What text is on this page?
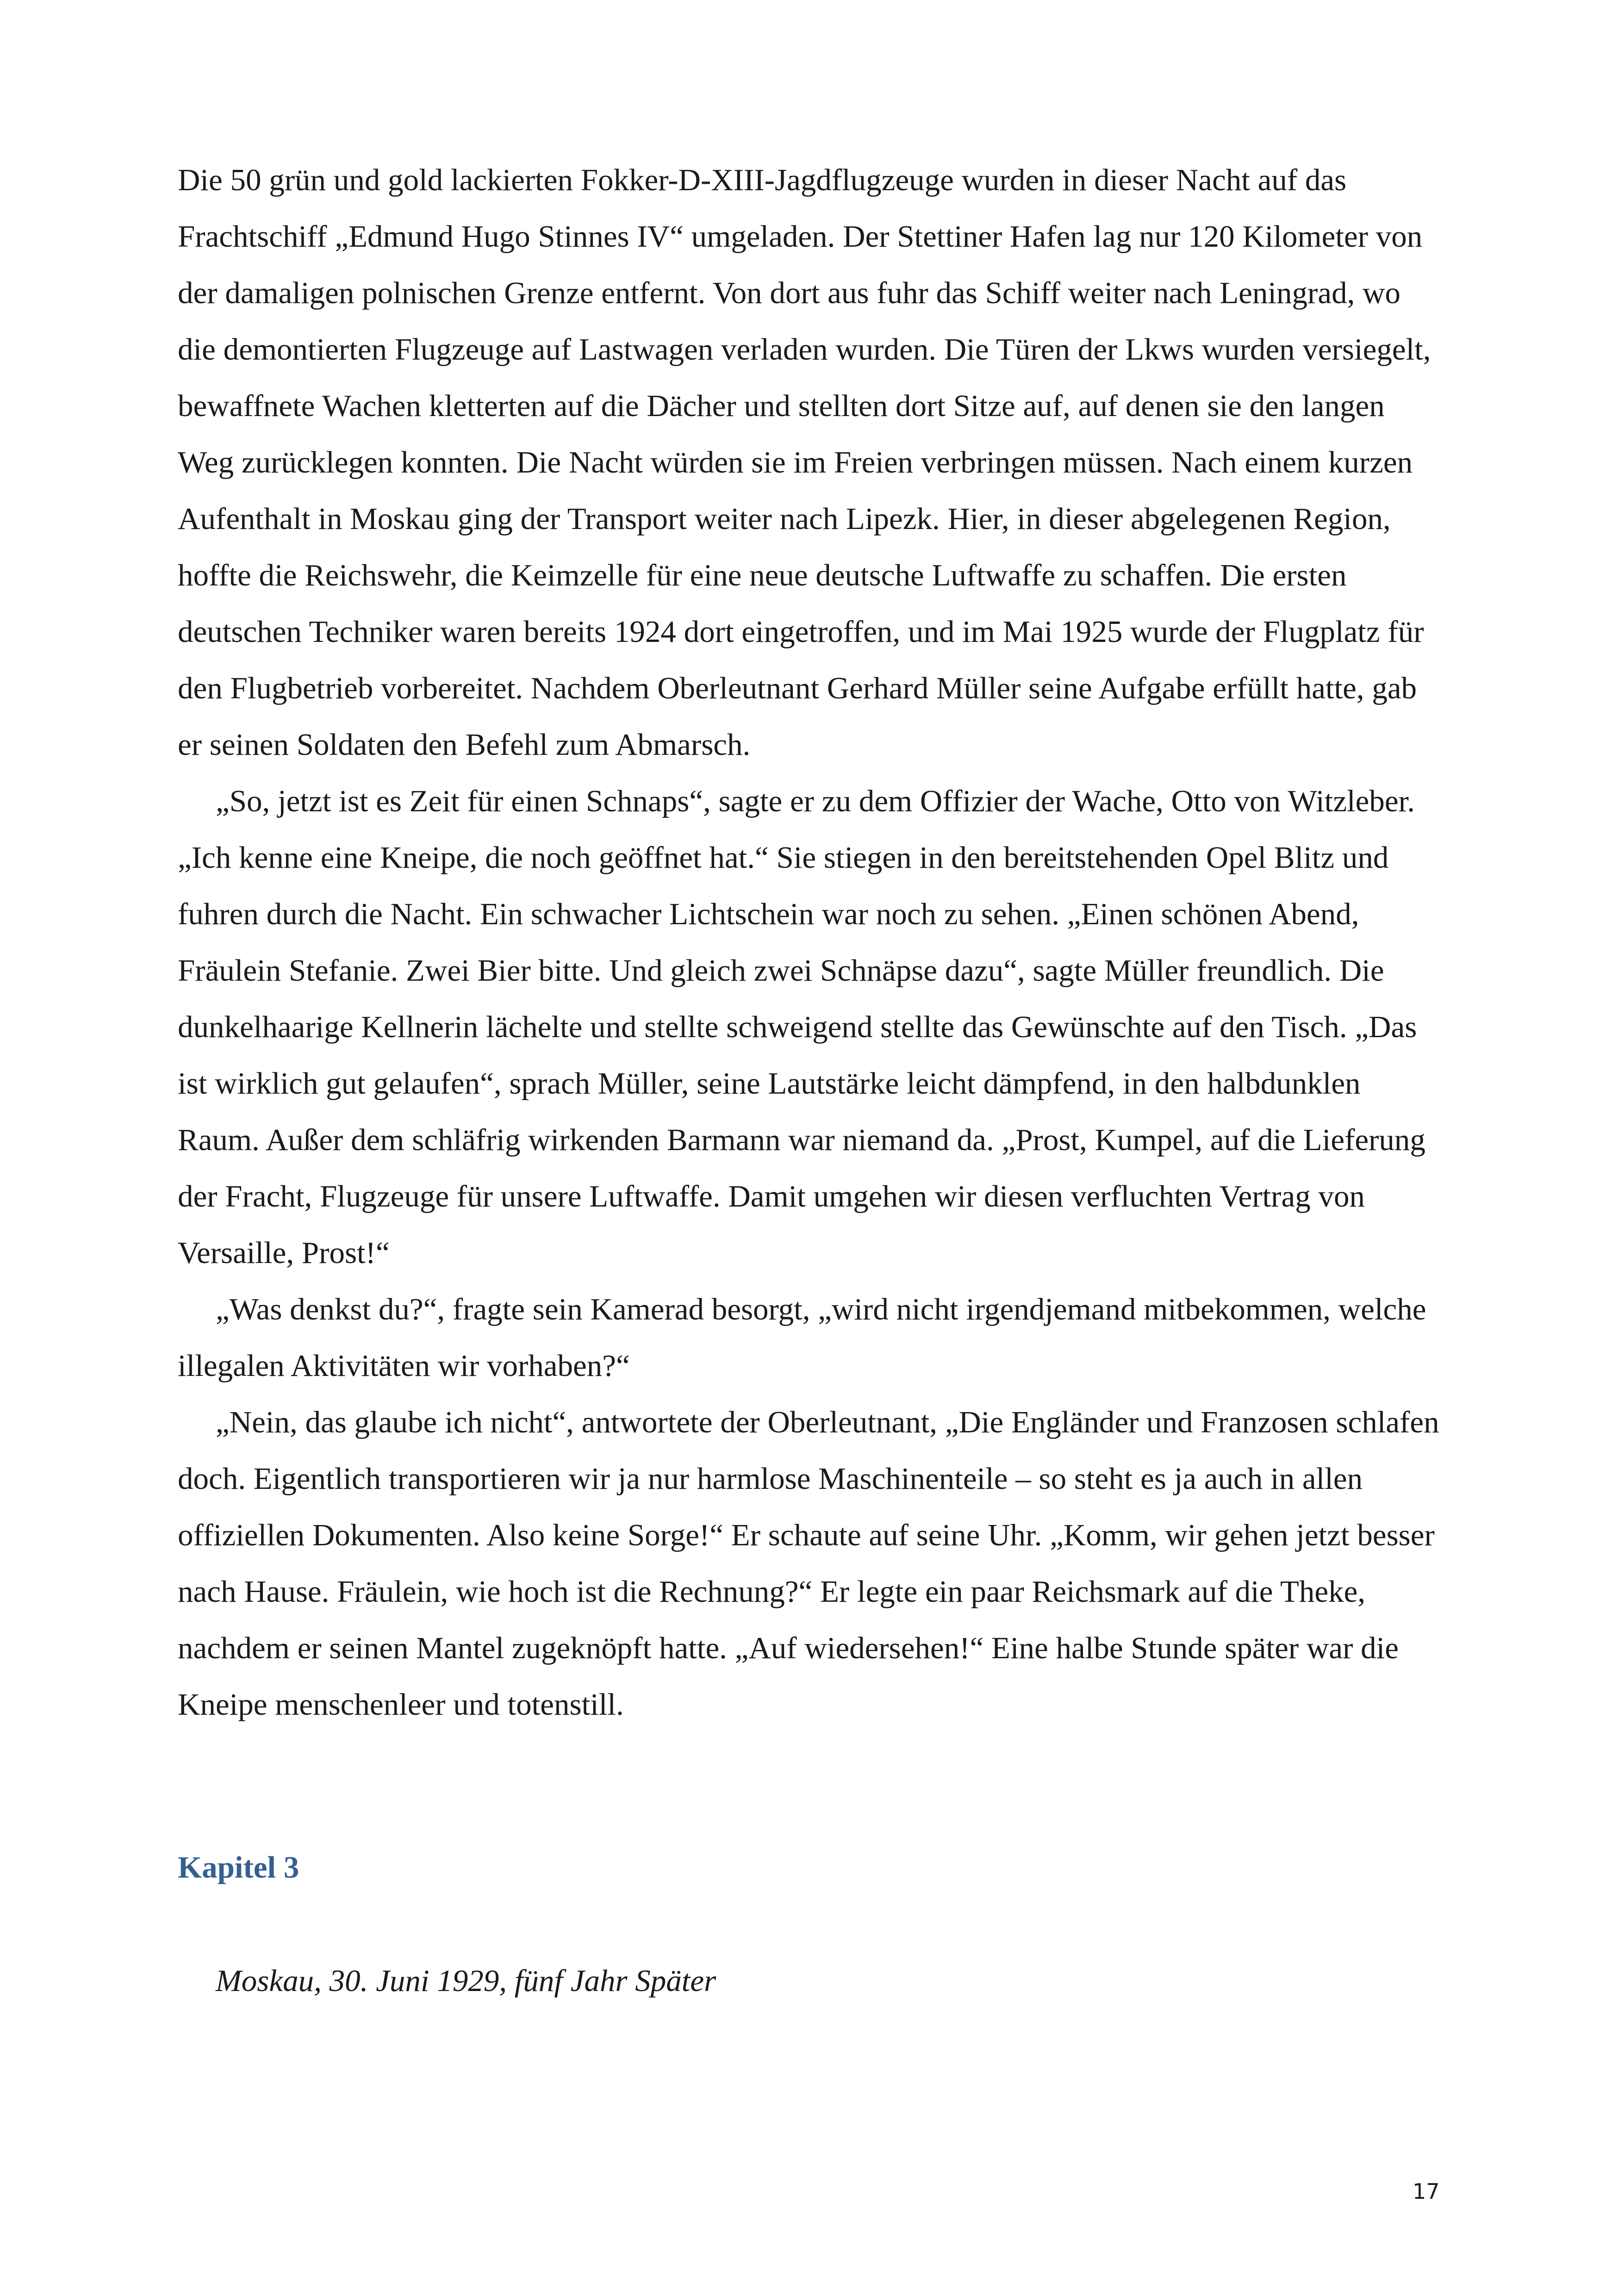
Die 50 grün und gold lackierten Fokker-D-XIII-Jagdflugzeuge wurden in dieser Nacht auf das Frachtschiff „Edmund Hugo Stinnes IV“ umgeladen. Der Stettiner Hafen lag nur 120 Kilometer von der damaligen polnischen Grenze entfernt. Von dort aus fuhr das Schiff weiter nach Leningrad, wo die demontierten Flugzeuge auf Lastwagen verladen wurden. Die Türen der Lkws wurden versiegelt, bewaffnete Wachen kletterten auf die Dächer und stellten dort Sitze auf, auf denen sie den langen Weg zurücklegen konnten. Die Nacht würden sie im Freien verbringen müssen. Nach einem kurzen Aufenthalt in Moskau ging der Transport weiter nach Lipezk. Hier, in dieser abgelegenen Region, hoffte die Reichswehr, die Keimzelle für eine neue deutsche Luftwaffe zu schaffen. Die ersten deutschen Techniker waren bereits 1924 dort eingetroffen, und im Mai 1925 wurde der Flugplatz für den Flugbetrieb vorbereitet. Nachdem Oberleutnant Gerhard Müller seine Aufgabe erfüllt hatte, gab er seinen Soldaten den Befehl zum Abmarsch.

„So, jetzt ist es Zeit für einen Schnaps“, sagte er zu dem Offizier der Wache, Otto von Witzleber. „Ich kenne eine Kneipe, die noch geöffnet hat.“ Sie stiegen in den bereitstehenden Opel Blitz und fuhren durch die Nacht. Ein schwacher Lichtschein war noch zu sehen. „Einen schönen Abend, Fräulein Stefanie. Zwei Bier bitte. Und gleich zwei Schnäpse dazu“, sagte Müller freundlich. Die dunkelhaarige Kellnerin lächelte und stellte schweigend stellte das Gewünschte auf den Tisch. „Das ist wirklich gut gelaufen“, sprach Müller, seine Lautstärke leicht dämpfend, in den halbdunklen Raum. Außer dem schläfrig wirkenden Barmann war niemand da. „Prost, Kumpel, auf die Lieferung der Fracht, Flugzeuge für unsere Luftwaffe. Damit umgehen wir diesen verfluchten Vertrag von Versaille, Prost!“

„Was denkst du?“, fragte sein Kamerad besorgt, „wird nicht irgendjemand mitbekommen, welche illegalen Aktivitäten wir vorhaben?“

„Nein, das glaube ich nicht“, antwortete der Oberleutnant, „Die Engländer und Franzosen schlafen doch. Eigentlich transportieren wir ja nur harmlose Maschinenteile – so steht es ja auch in allen offiziellen Dokumenten. Also keine Sorge!“ Er schaute auf seine Uhr. „Komm, wir gehen jetzt besser nach Hause. Fräulein, wie hoch ist die Rechnung?“ Er legte ein paar Reichsmark auf die Theke, nachdem er seinen Mantel zugeknöpft hatte. „Auf wiedersehen!“ Eine halbe Stunde später war die Kneipe menschenleer und totenstill.

Kapitel 3

Moskau, 30. Juni 1929, fünf Jahr Später

17
